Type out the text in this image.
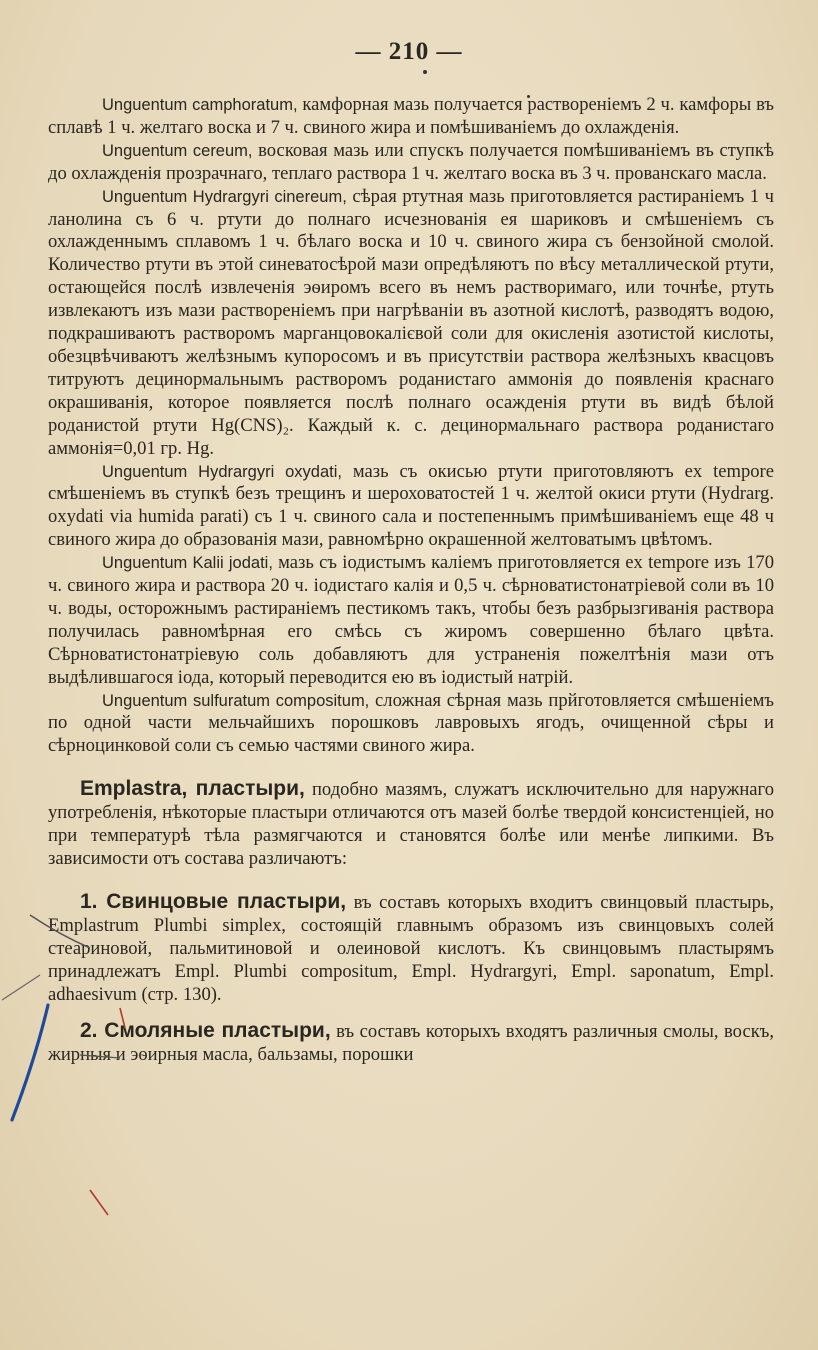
— 210 —

Unguentum camphoratum, камфорная мазь получается раствореніемъ 2 ч. камфоры въ сплавѣ 1 ч. желтаго воска и 7 ч. свиного жира и помѣшиваніемъ до охлажденія.

Unguentum cereum, восковая мазь или спускъ получается помѣшиваніемъ въ ступкѣ до охлажденія прозрачнаго, теплаго раствора 1 ч. желтаго воска въ 3 ч. прованскаго масла.

Unguentum Hydrargyri cinereum, сѣрая ртутная мазь приготовляется растираніемъ 1 ч ланолина съ 6 ч. ртути до полнаго исчезнованія ея шариковъ и смѣшеніемъ съ охлажденнымъ сплавомъ 1 ч. бѣлаго воска и 10 ч. свиного жира съ бензойной смолой. Количество ртути въ этой синеватосѣрой мази опредѣляютъ по вѣсу металлической ртути, остающейся послѣ извлеченія эѳиромъ всего въ немъ растворимаго, или точнѣе, ртуть извлекаютъ изъ мази раствореніемъ при нагрѣваніи въ азотной кислотѣ, разводятъ водою, подкрашиваютъ растворомъ марганцовокалієвой соли для окисленія азотистой кислоты, обезцвѣчиваютъ желѣзнымъ купоросомъ и въ присутствіи раствора желѣзныхъ квасцовъ титруютъ децинормальнымъ растворомъ роданистаго аммонія до появленія краснаго окрашиванія, которое появляется послѣ полнаго осажденія ртути въ видѣ бѣлой роданистой ртути Hg(CNS)₂. Каждый к. с. децинормальнаго раствора роданистаго аммонія=0,01 гр. Hg.

Unguentum Hydrargyri oxydati, мазь съ окисью ртути приготовляютъ ex tempore смѣшеніемъ въ ступкѣ безъ трещинъ и шероховатостей 1 ч. желтой окиси ртути (Hydrarg. oxydati via humida parati) съ 1 ч. свиного сала и постепеннымъ примѣшиваніемъ еще 48 ч свиного жира до образованія мази, равномѣрно окрашенной желтоватымъ цвѣтомъ.

Unguentum Kalii jodati, мазь съ іодистымъ каліемъ приготовляется ex tempore изъ 170 ч. свиного жира и раствора 20 ч. іодистаго калія и 0,5 ч. сѣрноватистонатріевой соли въ 10 ч. воды, осторожнымъ растираніемъ пестикомъ такъ, чтобы безъ разбрызгиванія раствора получилась равномѣрная его смѣсь съ жиромъ совершенно бѣлаго цвѣта. Сѣрноватистонатріевую соль добавляютъ для устраненія пожелтѣнія мази отъ выдѣлившагося іода, который переводится ею въ іодистый натрій.

Unguentum sulfuratum compositum, сложная сѣрная мазь прйготовляется смѣшеніемъ по одной части мельчайшихъ порошковъ лавровыхъ ягодъ, очищенной сѣры и сѣрноцинковой соли съ семью частями свиного жира.

Emplastra, пластыри, подобно мазямъ, служатъ исключительно для наружнаго употребленія, нѣкоторые пластыри отличаются отъ мазей болѣе твердой консистенціей, но при температурѣ тѣла размягчаются и становятся болѣе или менѣе липкими. Въ зависимости отъ состава различаютъ:

1. Свинцовые пластыри, въ составъ которыхъ входитъ свинцовый пластырь, Emplastrum Plumbi simplex, состоящій главнымъ образомъ изъ свинцовыхъ солей стеариновой, пальмитиновой и олеиновой кислотъ. Къ свинцовымъ пластырямъ принадлежатъ Empl. Plumbi compositum, Empl. Hydrargyri, Empl. saponatum, Empl. adhaesivum (стр. 130).

2. Смоляные пластыри, въ составъ которыхъ входятъ различныя смолы, воскъ, жирныя и эѳирныя масла, бальзамы, порошки
